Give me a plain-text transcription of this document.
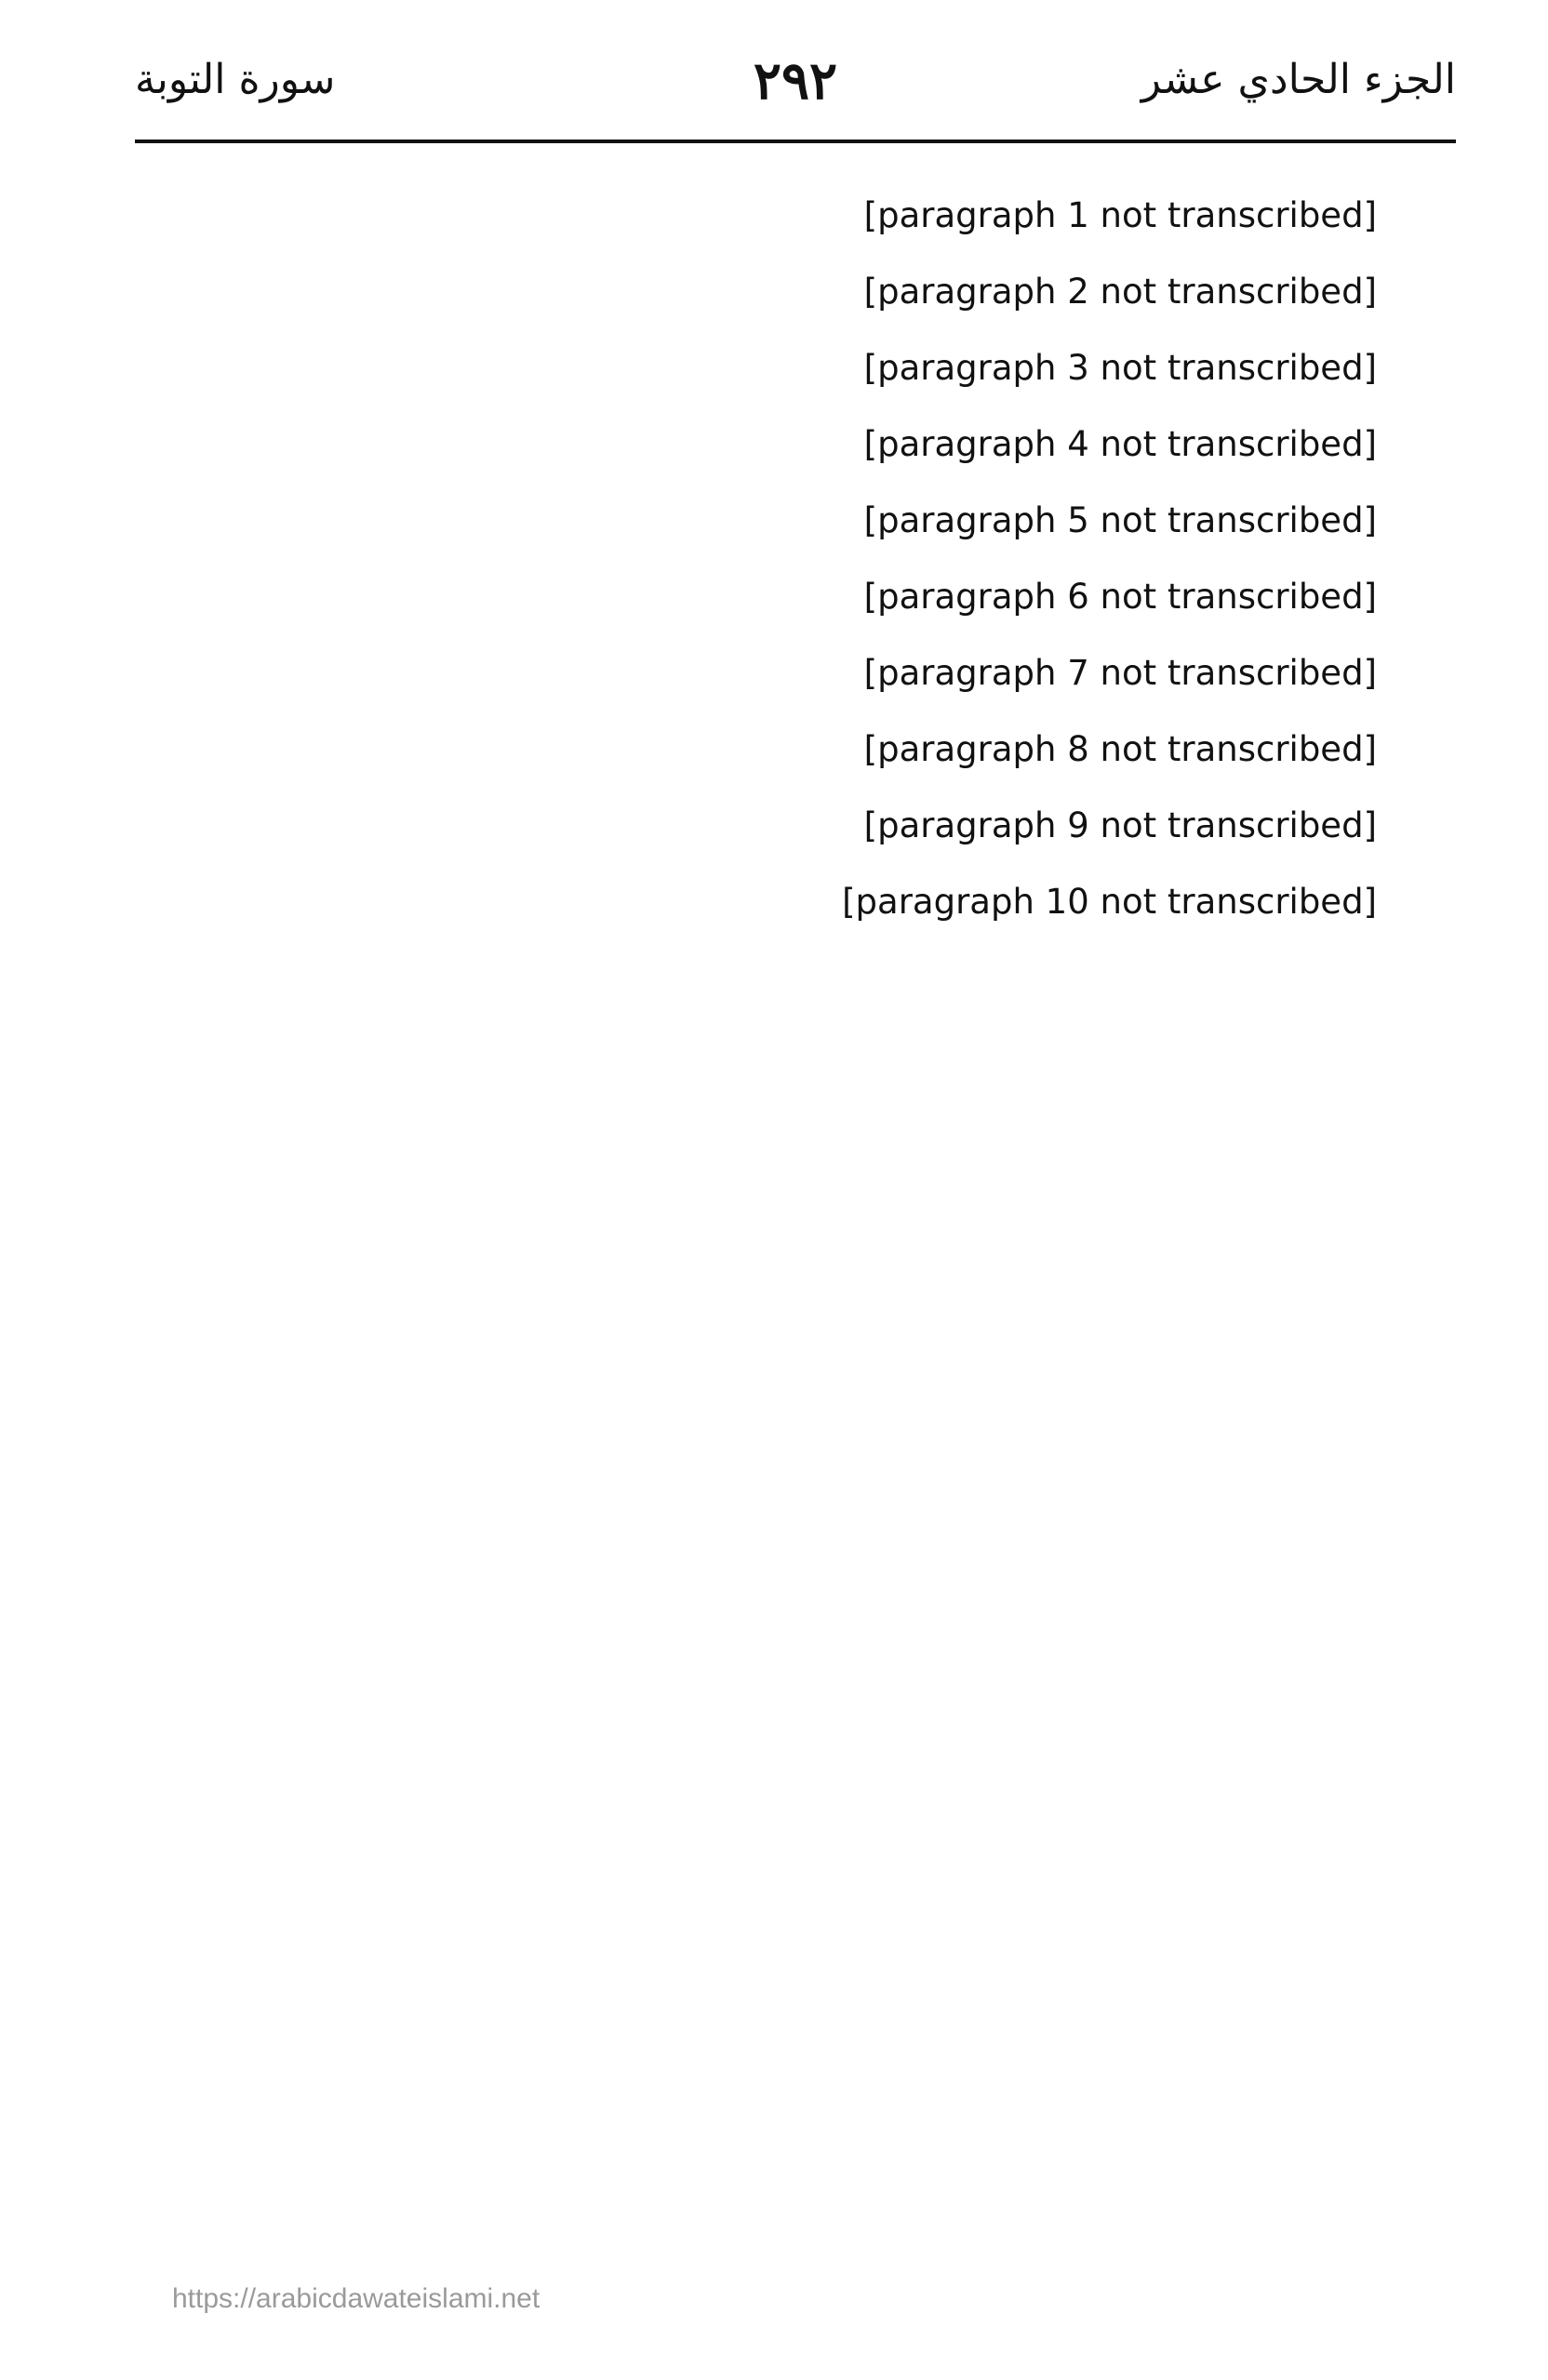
سورة التوبة	٢٩٢	الجزء الحادي عشر

[paragraph 1 not transcribed]

[paragraph 2 not transcribed]

[paragraph 3 not transcribed]

[paragraph 4 not transcribed]

[paragraph 5 not transcribed]

[paragraph 6 not transcribed]

[paragraph 7 not transcribed]

[paragraph 8 not transcribed]

[paragraph 9 not transcribed]

[paragraph 10 not transcribed]

https://arabicdawateislami.net
